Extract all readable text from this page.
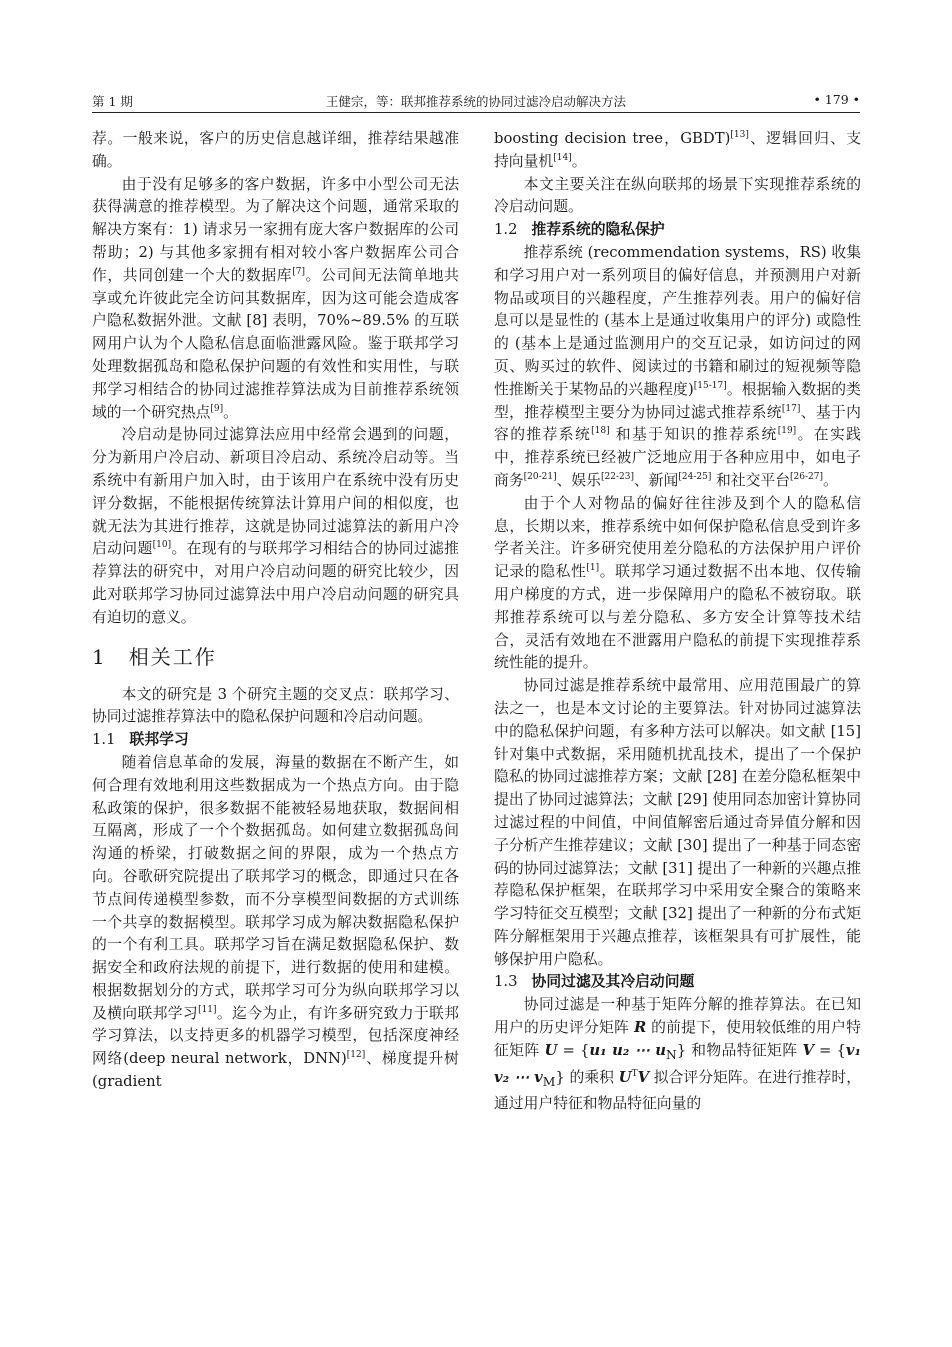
第 1 期	王健宗，等：联邦推荐系统的协同过滤冷启动解决方法	• 179 •

荐。一般来说，客户的历史信息越详细，推荐结果越准确。

由于没有足够多的客户数据，许多中小型公司无法获得满意的推荐模型。为了解决这个问题，通常采取的解决方案有：1) 请求另一家拥有庞大客户数据库的公司帮助；2) 与其他多家拥有相对较小客户数据库公司合作，共同创建一个大的数据库[7]。公司间无法简单地共享或允许彼此完全访问其数据库，因为这可能会造成客户隐私数据外泄。文献 [8] 表明，70%~89.5% 的互联网用户认为个人隐私信息面临泄露风险。鉴于联邦学习处理数据孤岛和隐私保护问题的有效性和实用性，与联邦学习相结合的协同过滤推荐算法成为目前推荐系统领域的一个研究热点[9]。

冷启动是协同过滤算法应用中经常会遇到的问题，分为新用户冷启动、新项目冷启动、系统冷启动等。当系统中有新用户加入时，由于该用户在系统中没有历史评分数据，不能根据传统算法计算用户间的相似度，也就无法为其进行推荐，这就是协同过滤算法的新用户冷启动问题[10]。在现有的与联邦学习相结合的协同过滤推荐算法的研究中，对用户冷启动问题的研究比较少，因此对联邦学习协同过滤算法中用户冷启动问题的研究具有迫切的意义。

1　相关工作

本文的研究是 3 个研究主题的交叉点：联邦学习、协同过滤推荐算法中的隐私保护问题和冷启动问题。

1.1 联邦学习

随着信息革命的发展，海量的数据在不断产生，如何合理有效地利用这些数据成为一个热点方向。由于隐私政策的保护，很多数据不能被轻易地获取，数据间相互隔离，形成了一个个数据孤岛。如何建立数据孤岛间沟通的桥梁，打破数据之间的界限，成为一个热点方向。谷歌研究院提出了联邦学习的概念，即通过只在各节点间传递模型参数，而不分享模型间数据的方式训练一个共享的数据模型。联邦学习成为解决数据隐私保护的一个有利工具。联邦学习旨在满足数据隐私保护、数据安全和政府法规的前提下，进行数据的使用和建模。根据数据划分的方式，联邦学习可分为纵向联邦学习以及横向联邦学习[11]。迄今为止，有许多研究致力于联邦学习算法，以支持更多的机器学习模型，包括深度神经网络(deep neural network，DNN)[12]、梯度提升树(gradient

boosting decision tree，GBDT)[13]、逻辑回归、支持向量机[14]。

本文主要关注在纵向联邦的场景下实现推荐系统的冷启动问题。

1.2 推荐系统的隐私保护

推荐系统 (recommendation systems，RS) 收集和学习用户对一系列项目的偏好信息，并预测用户对新物品或项目的兴趣程度，产生推荐列表。用户的偏好信息可以是显性的 (基本上是通过收集用户的评分) 或隐性的 (基本上是通过监测用户的交互记录，如访问过的网页、购买过的软件、阅读过的书籍和刷过的短视频等隐性推断关于某物品的兴趣程度)[15-17]。根据输入数据的类型，推荐模型主要分为协同过滤式推荐系统[17]、基于内容的推荐系统[18] 和基于知识的推荐系统[19]。在实践中，推荐系统已经被广泛地应用于各种应用中，如电子商务[20-21]、娱乐[22-23]、新闻[24-25] 和社交平台[26-27]。

由于个人对物品的偏好往往涉及到个人的隐私信息，长期以来，推荐系统中如何保护隐私信息受到许多学者关注。许多研究使用差分隐私的方法保护用户评价记录的隐私性[1]。联邦学习通过数据不出本地、仅传输用户梯度的方式，进一步保障用户的隐私不被窃取。联邦推荐系统可以与差分隐私、多方安全计算等技术结合，灵活有效地在不泄露用户隐私的前提下实现推荐系统性能的提升。

协同过滤是推荐系统中最常用、应用范围最广的算法之一，也是本文讨论的主要算法。针对协同过滤算法中的隐私保护问题，有多种方法可以解决。如文献 [15] 针对集中式数据，采用随机扰乱技术，提出了一个保护隐私的协同过滤推荐方案；文献 [28] 在差分隐私框架中提出了协同过滤算法；文献 [29] 使用同态加密计算协同过滤过程的中间值，中间值解密后通过奇异值分解和因子分析产生推荐建议；文献 [30] 提出了一种基于同态密码的协同过滤算法；文献 [31] 提出了一种新的兴趣点推荐隐私保护框架，在联邦学习中采用安全聚合的策略来学习特征交互模型；文献 [32] 提出了一种新的分布式矩阵分解框架用于兴趣点推荐，该框架具有可扩展性，能够保护用户隐私。

1.3 协同过滤及其冷启动问题

协同过滤是一种基于矩阵分解的推荐算法。在已知用户的历史评分矩阵 R 的前提下，使用较低维的用户特征矩阵 U = {u₁ u₂ ⋯ $u_N$} 和物品特征矩阵 V = {v₁ v₂ ⋯ $v_M$} 的乘积 $U^TV$ 拟合评分矩阵。在进行推荐时，通过用户特征和物品特征向量的
